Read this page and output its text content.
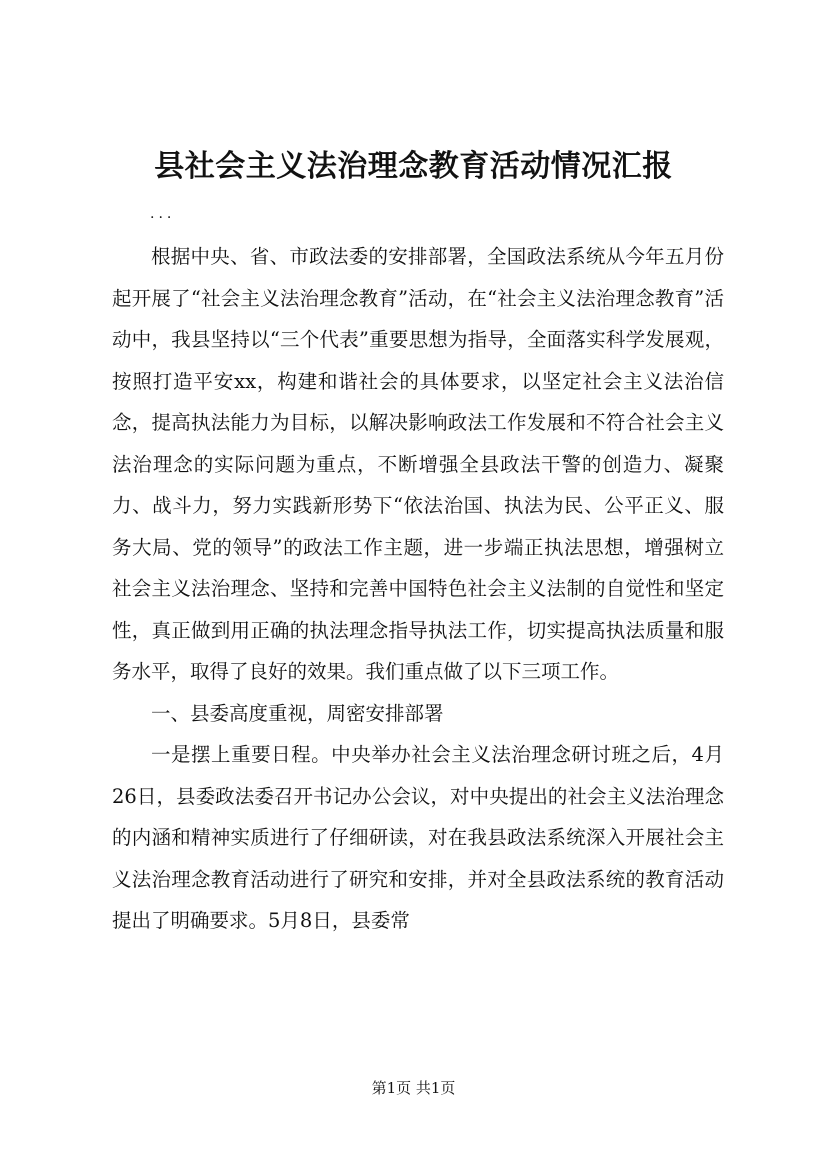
县社会主义法治理念教育活动情况汇报
...

根据中央、省、市政法委的安排部署，全国政法系统从今年五月份起开展了“社会主义法治理念教育”活动，在“社会主义法治理念教育”活动中，我县坚持以“三个代表”重要思想为指导，全面落实科学发展观，按照打造平安xx，构建和谐社会的具体要求，以坚定社会主义法治信念，提高执法能力为目标，以解决影响政法工作发展和不符合社会主义法治理念的实际问题为重点，不断增强全县政法干警的创造力、凝聚力、战斗力，努力实践新形势下“依法治国、执法为民、公平正义、服务大局、党的领导”的政法工作主题，进一步端正执法思想，增强树立社会主义法治理念、坚持和完善中国特色社会主义法制的自觉性和坚定性，真正做到用正确的执法理念指导执法工作，切实提高执法质量和服务水平，取得了良好的效果。我们重点做了以下三项工作。

一、县委高度重视，周密安排部署

一是摆上重要日程。中央举办社会主义法治理念研讨班之后，4月26日，县委政法委召开书记办公会议，对中央提出的社会主义法治理念的内涵和精神实质进行了仔细研读，对在我县政法系统深入开展社会主义法治理念教育活动进行了研究和安排，并对全县政法系统的教育活动提出了明确要求。5月8日，县委常

第1页 共1页
